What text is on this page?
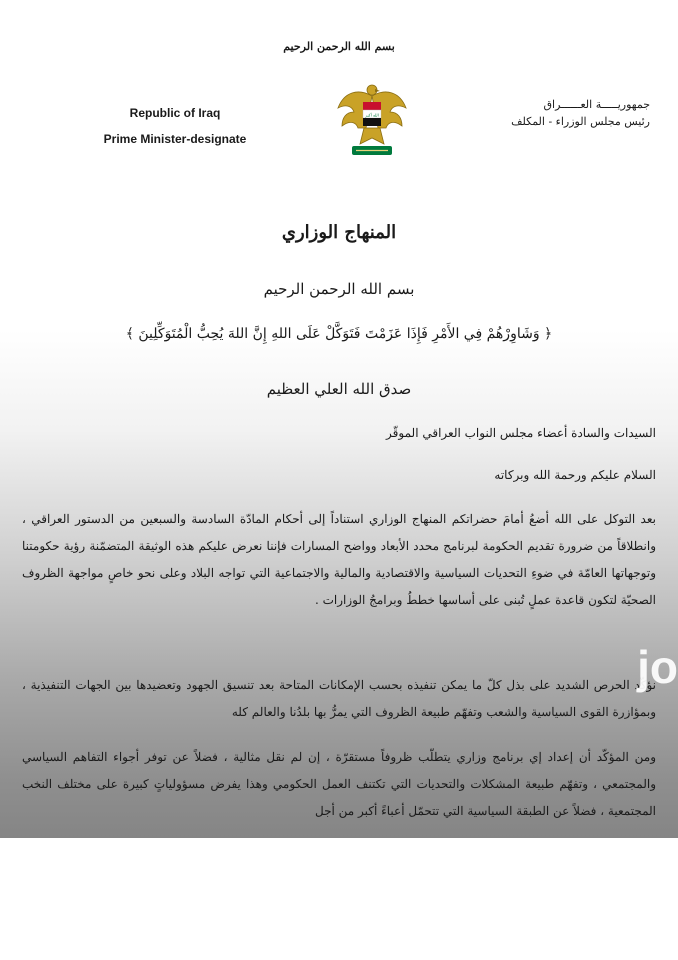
بسم الله الرحمن الرحيم
Republic of Iraq
Prime Minister-designate
جمهوريـــــة العــــــراق
رئيس مجلس الوزراء - المكلف
الله أكبر
المنهاج الوزاري
بسم الله الرحمن الرحيم
﴿ وَشَاوِرْهُمْ فِي الأَمْرِ فَإِذَا عَزَمْتَ فَتَوَكَّلْ عَلَى اللهِ إِنَّ اللهَ يُحِبُّ الْمُتَوَكِّلِينَ ﴾
صدق الله العلي العظيم
السيدات والسادة أعضاء مجلس النواب العراقي الموقّر
السلام عليكم ورحمة الله وبركاته
بعد التوكل على الله أضعُ أمامَ حضراتكم المنهاج الوزاري استناداً إلى أحكام المادّة السادسة والسبعين من الدستور العراقي ، وانطلاقاً من ضرورة تقديم الحكومة لبرنامج محدد الأبعاد وواضح المسارات فإننا نعرض عليكم هذه الوثيقة المتضمّنة رؤية حكومتنا وتوجهاتها العامّة في ضوءِ التحديات السياسية والاقتصادية والمالية والاجتماعية التي تواجه البلاد وعلى نحو خاصٍ مواجهة الظروف الصحيّة لتكون قاعدة عملٍ تُبنى على أساسها خططُ وبرامجُ الوزارات .
نؤكّد الحرص الشديد على بذل كلّ ما يمكن تنفيذه بحسب الإمكانات المتاحة بعد تنسيق الجهود وتعضيدها بين الجهات التنفيذية ، وبمؤازرة القوى السياسية والشعب وتفهّم طبيعة الظروف التي يمرُّ بها بلدُنا والعالم كله
ومن المؤكّد أن إعداد إي برنامج وزاري يتطلّب ظروفاً مستقرّة ، إن لم نقل مثالية ، فضلاً عن توفر أجواء التفاهم السياسي والمجتمعي ، وتفهّم طبيعة المشكلات والتحديات التي تكتنف العمل الحكومي وهذا يفرض مسؤولياتٍ كبيرة على مختلف النخب المجتمعية ، فضلاً عن الطبقة السياسية التي تتحمّل أعباءً أكبر من أجل
jo
